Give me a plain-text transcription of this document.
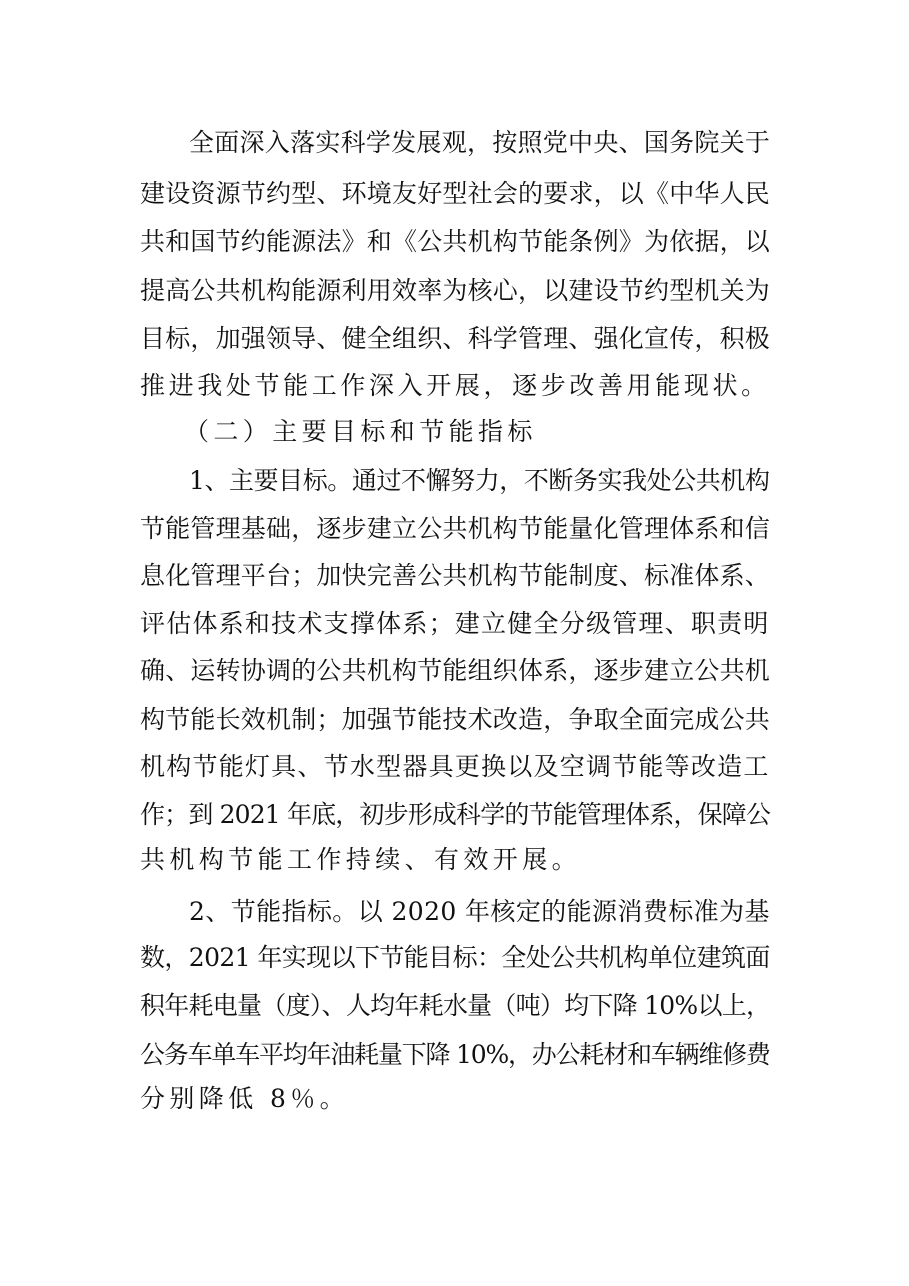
全面深入落实科学发展观，按照党中央、国务院关于
建设资源节约型、环境友好型社会的要求，以《中华人民
共和国节约能源法》和《公共机构节能条例》为依据，以
提高公共机构能源利用效率为核心，以建设节约型机关为
目标，加强领导、健全组织、科学管理、强化宣传，积极
推进我处节能工作深入开展，逐步改善用能现状。
（二）主要目标和节能指标
1、主要目标。通过不懈努力，不断务实我处公共机构
节能管理基础，逐步建立公共机构节能量化管理体系和信
息化管理平台；加快完善公共机构节能制度、标准体系、
评估体系和技术支撑体系；建立健全分级管理、职责明
确、运转协调的公共机构节能组织体系，逐步建立公共机
构节能长效机制；加强节能技术改造，争取全面完成公共
机构节能灯具、节水型器具更换以及空调节能等改造工
作；到 2021 年底，初步形成科学的节能管理体系，保障公
共机构节能工作持续、有效开展。
2、节能指标。以 2020 年核定的能源消费标准为基
数，2021 年实现以下节能目标：全处公共机构单位建筑面
积年耗电量（度）、人均年耗水量（吨）均下降 10%以上，
公务车单车平均年油耗量下降 10%，办公耗材和车辆维修费
分别降低 8％。
